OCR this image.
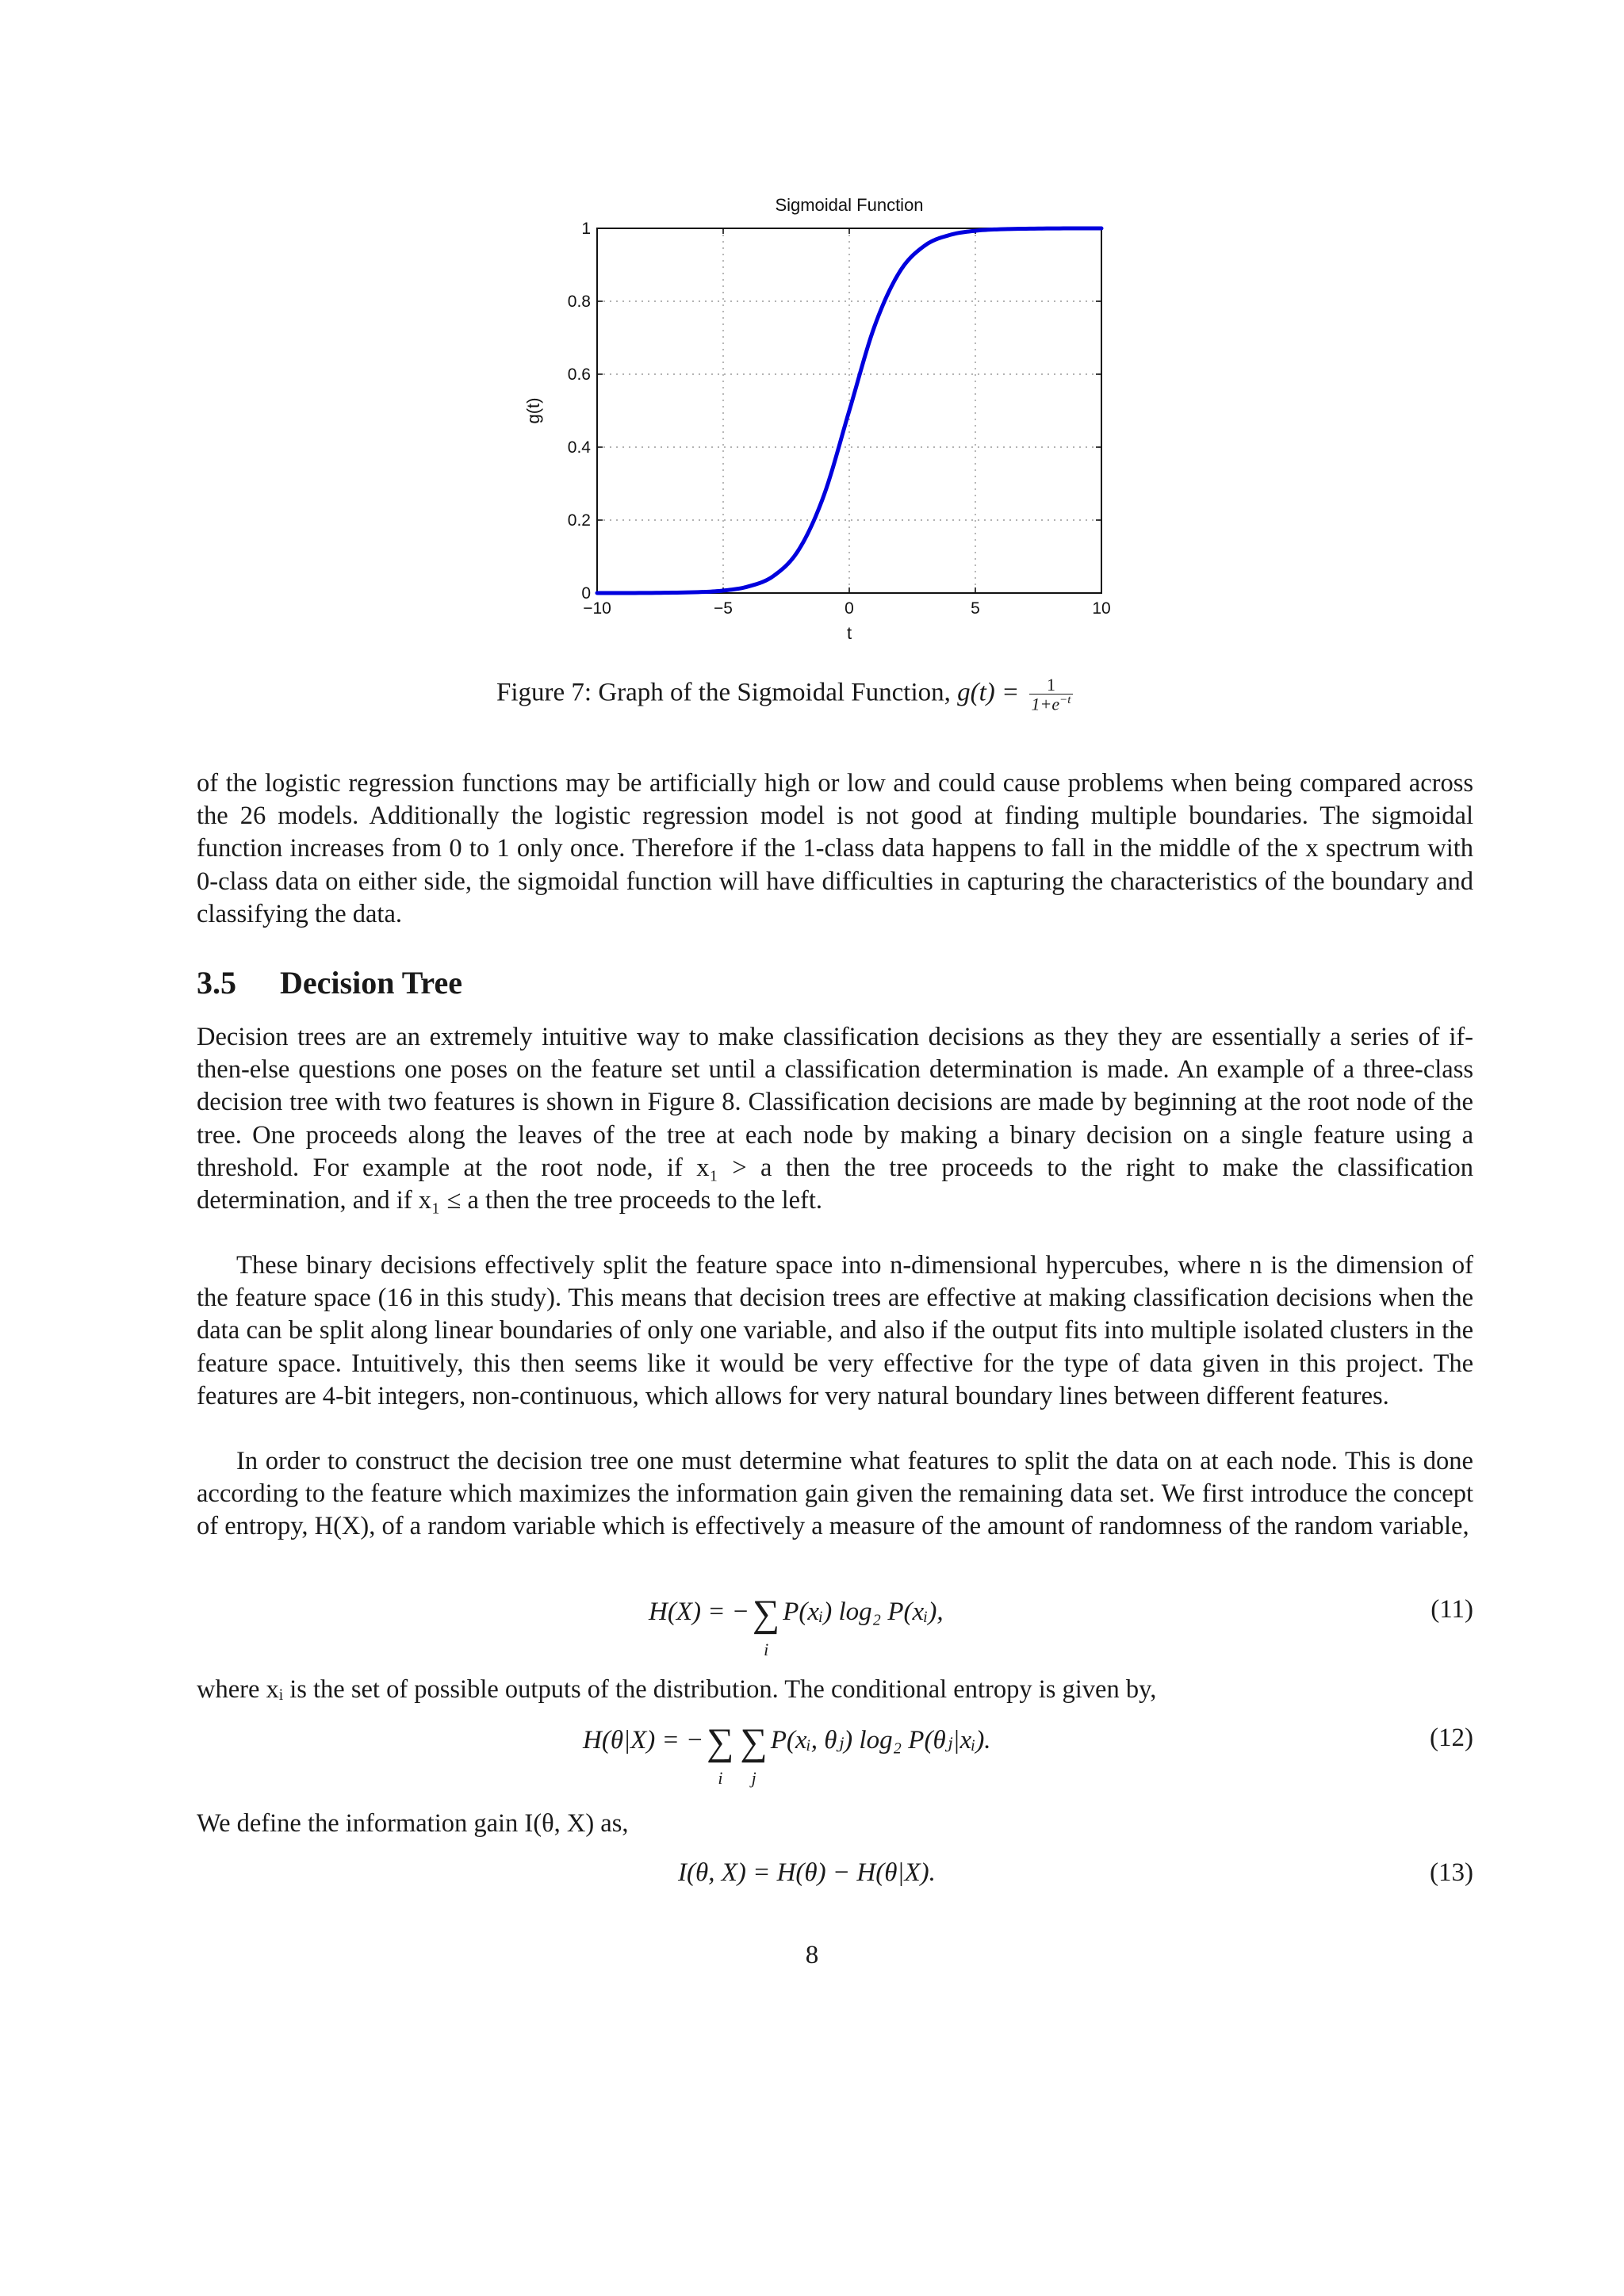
−10	−5	0	5	10
0
0.2
0.4
0.6
0.8
1
Sigmoidal Function
t
g(t)
Figure 7: Graph of the Sigmoidal Function, $g(t) = \frac{1}{1+e^{-t}}$

of the logistic regression functions may be artificially high or low and could cause problems when being compared across the 26 models. Additionally the logistic regression model is not good at finding multiple boundaries. The sigmoidal function increases from 0 to 1 only once. Therefore if the 1-class data happens to fall in the middle of the x spectrum with 0-class data on either side, the sigmoidal function will have difficulties in capturing the characteristics of the boundary and classifying the data.

3.5 Decision Tree

Decision trees are an extremely intuitive way to make classification decisions as they they are essentially a series of if-then-else questions one poses on the feature set until a classification determination is made. An example of a three-class decision tree with two features is shown in Figure 8. Classification decisions are made by beginning at the root node of the tree. One proceeds along the leaves of the tree at each node by making a binary decision on a single feature using a threshold. For example at the root node, if x₁ > a then the tree proceeds to the right to make the classification determination, and if x₁ ≤ a then the tree proceeds to the left.

These binary decisions effectively split the feature space into n-dimensional hypercubes, where n is the dimension of the feature space (16 in this study). This means that decision trees are effective at making classification decisions when the data can be split along linear boundaries of only one variable, and also if the output fits into multiple isolated clusters in the feature space. Intuitively, this then seems like it would be very effective for the type of data given in this project. The features are 4-bit integers, non-continuous, which allows for very natural boundary lines between different features.

In order to construct the decision tree one must determine what features to split the data on at each node. This is done according to the feature which maximizes the information gain given the remaining data set. We first introduce the concept of entropy, H(X), of a random variable which is effectively a measure of the amount of randomness of the random variable,

H(X) = −∑
i
P(xᵢ) log₂ P(xᵢ),	(11)

where xᵢ is the set of possible outputs of the distribution. The conditional entropy is given by,

H(θ|X) = −∑
i
∑
j
P(xᵢ, θⱼ) log₂ P(θⱼ|xᵢ).	(12)

We define the information gain I(θ, X) as,

I(θ, X) = H(θ) − H(θ|X).	(13)
8
